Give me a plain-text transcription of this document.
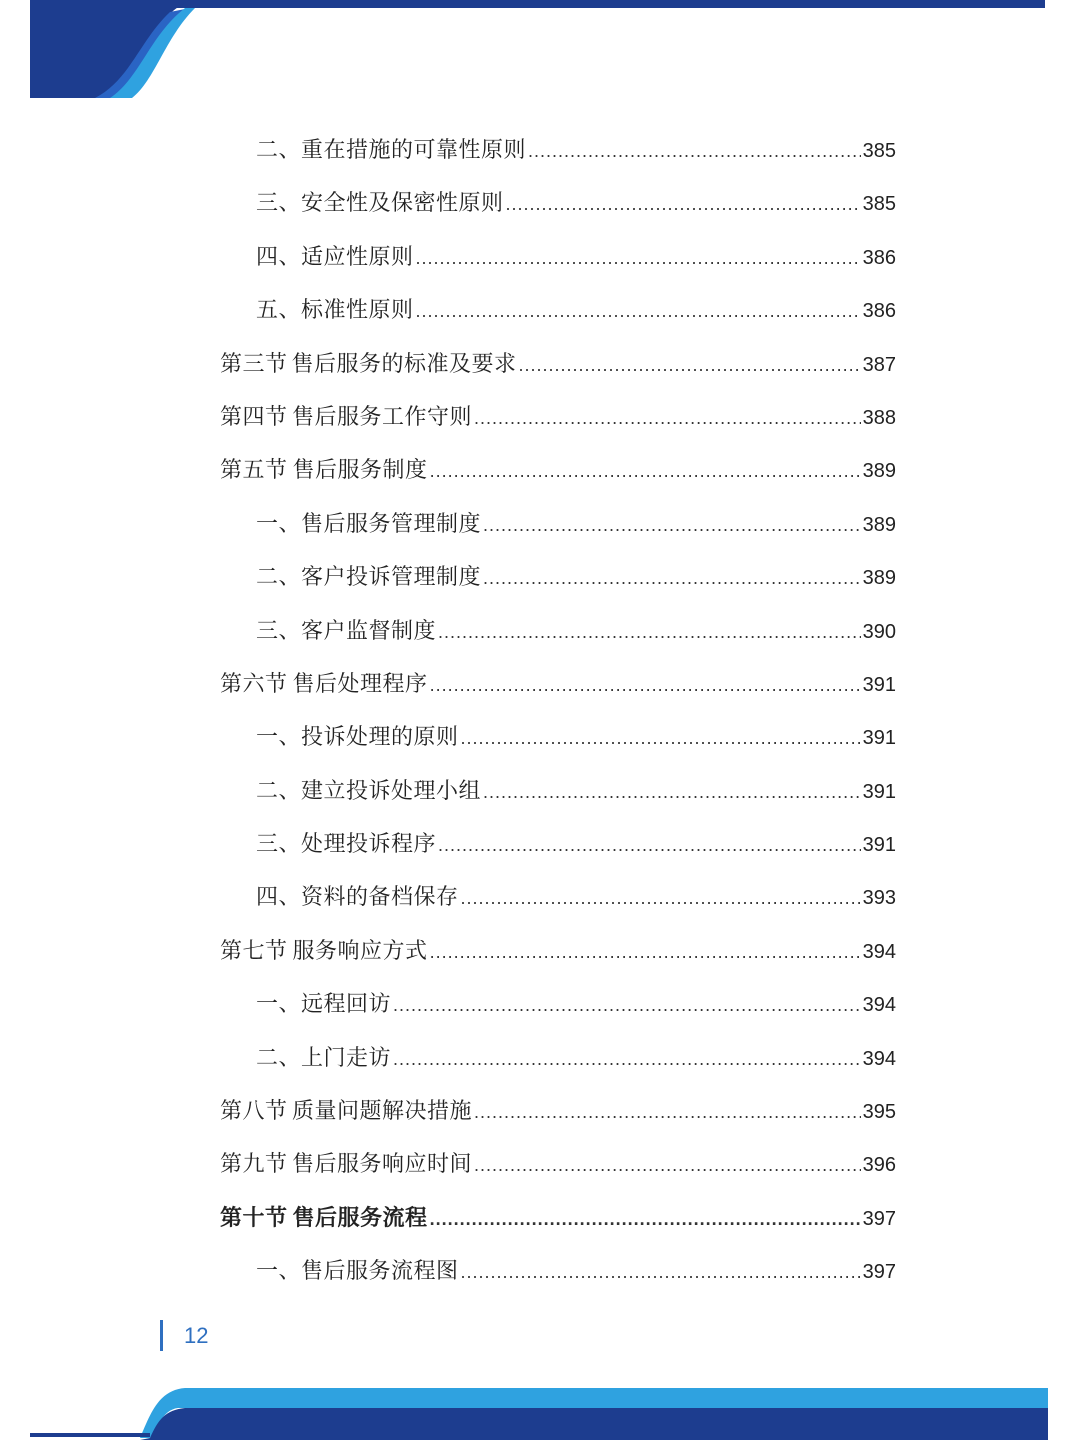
二、重在措施的可靠性原则 .....	385
三、安全性及保密性原则 .....	385
四、适应性原则 .....	386
五、标准性原则 .....	386
第三节 售后服务的标准及要求 .....	387
第四节 售后服务工作守则 .....	388
第五节 售后服务制度 .....	389
一、售后服务管理制度 .....	389
二、客户投诉管理制度 .....	389
三、客户监督制度 .....	390
第六节 售后处理程序 .....	391
一、投诉处理的原则 .....	391
二、建立投诉处理小组 .....	391
三、处理投诉程序 .....	391
四、资料的备档保存 .....	393
第七节 服务响应方式 .....	394
一、远程回访 .....	394
二、上门走访 .....	394
第八节 质量问题解决措施 .....	395
第九节 售后服务响应时间 .....	396
第十节 售后服务流程 .....	397
一、售后服务流程图 .....	397
12
